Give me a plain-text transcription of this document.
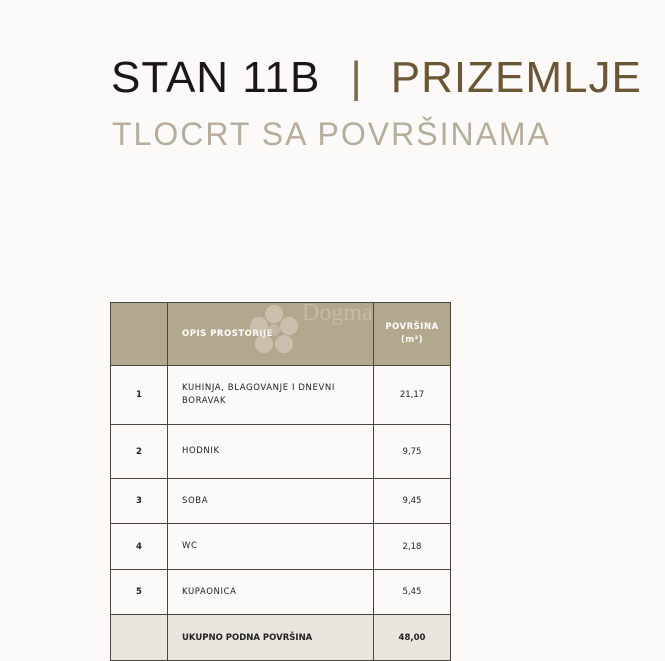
STAN 11B | PRIZEMLJE
TLOCRT SA POVRŠINAMA
	OPIS PROSTORIJE	POVRŠINA (m²)
1	KUHINJA, BLAGOVANJE I DNEVNI BORAVAK	21,17
2	HODNIK	9,75
3	SOBA	9,45
4	WC	2,18
5	KUPAONICA	5,45
	UKUPNO PODNA POVRŠINA	48,00
Dogma
